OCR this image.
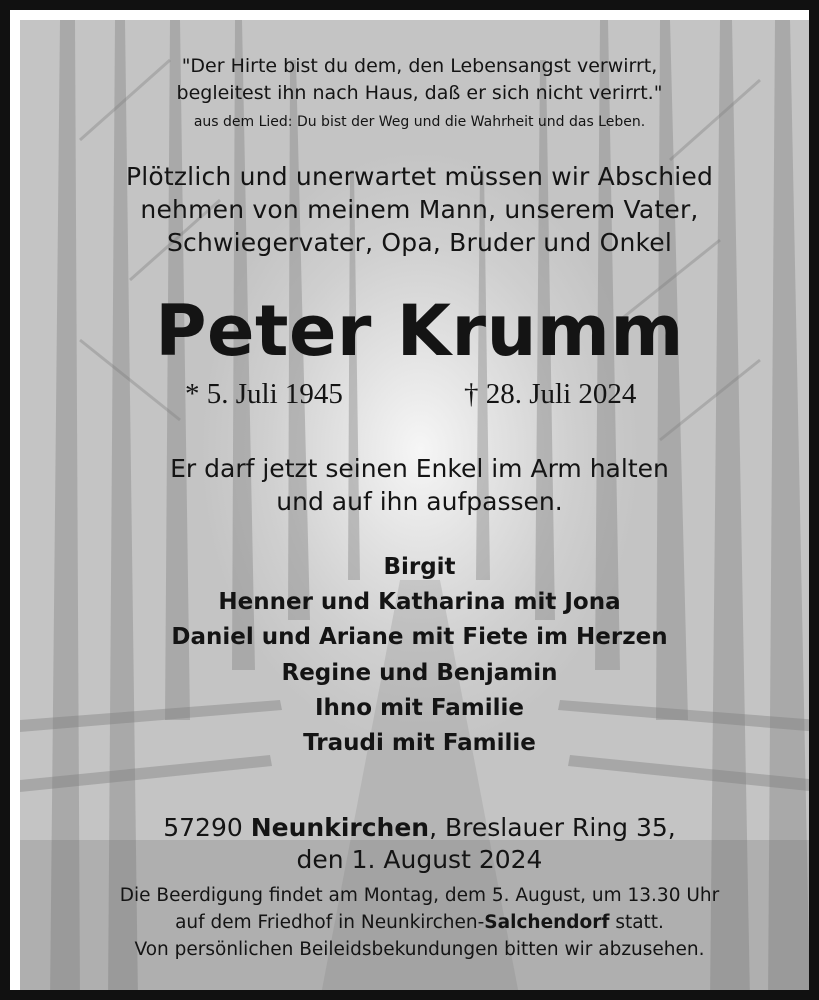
"Der Hirte bist du dem, den Lebensangst verwirrt,
begleitest ihn nach Haus, daß er sich nicht verirrt."
aus dem Lied: Du bist der Weg und die Wahrheit und das Leben.
Plötzlich und unerwartet müssen wir Abschied
nehmen von meinem Mann, unserem Vater,
Schwiegervater, Opa, Bruder und Onkel
Peter Krumm
* 5. Juli 1945	† 28. Juli 2024
Er darf jetzt seinen Enkel im Arm halten
und auf ihn aufpassen.
Birgit
Henner und Katharina mit Jona
Daniel und Ariane mit Fiete im Herzen
Regine und Benjamin
Ihno mit Familie
Traudi mit Familie
57290 Neunkirchen, Breslauer Ring 35,
den 1. August 2024
Die Beerdigung findet am Montag, dem 5. August, um 13.30 Uhr
auf dem Friedhof in Neunkirchen-Salchendorf statt.
Von persönlichen Beileidsbekundungen bitten wir abzusehen.
